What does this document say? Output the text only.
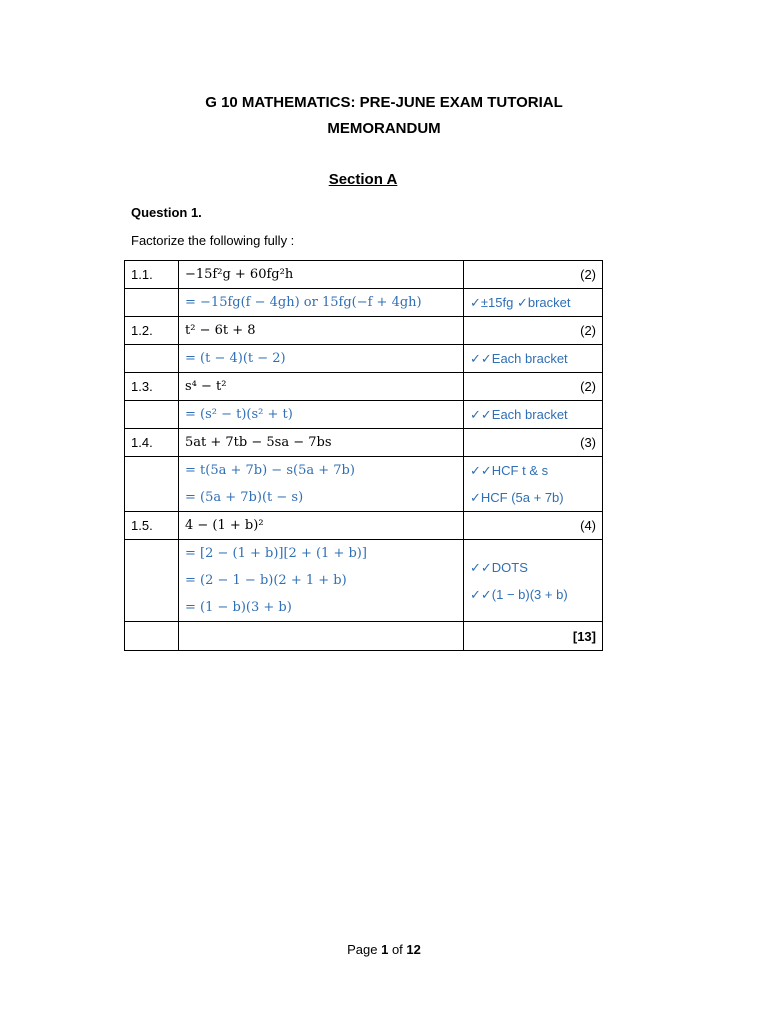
G 10 MATHEMATICS: PRE-JUNE EXAM TUTORIAL
MEMORANDUM
Section A
Question 1.
Factorize the following fully :
1.1.	−15f²g + 60fg²h	(2)
	= −15fg(f − 4gh) or 15fg(−f + 4gh)	✓±15fg ✓bracket
1.2.	t² − 6t + 8	(2)
	= (t − 4)(t − 2)	✓✓Each bracket
1.3.	s⁴ − t²	(2)
	= (s² − t)(s² + t)	✓✓Each bracket
1.4.	5at + 7tb − 5sa − 7bs	(3)

	= t(5a + 7b) − s(5a + 7b)
= (5a + 7b)(t − s)	✓✓HCF t & s
✓HCF (5a + 7b)

1.5.	4 − (1 + b)²	(4)

	= [2 − (1 + b)][2 + (1 + b)]
= (2 − 1 − b)(2 + 1 + b)
= (1 − b)(3 + b)	✓✓DOTS
✓✓(1 − b)(3 + b)

		[13]
Page 1 of 12
